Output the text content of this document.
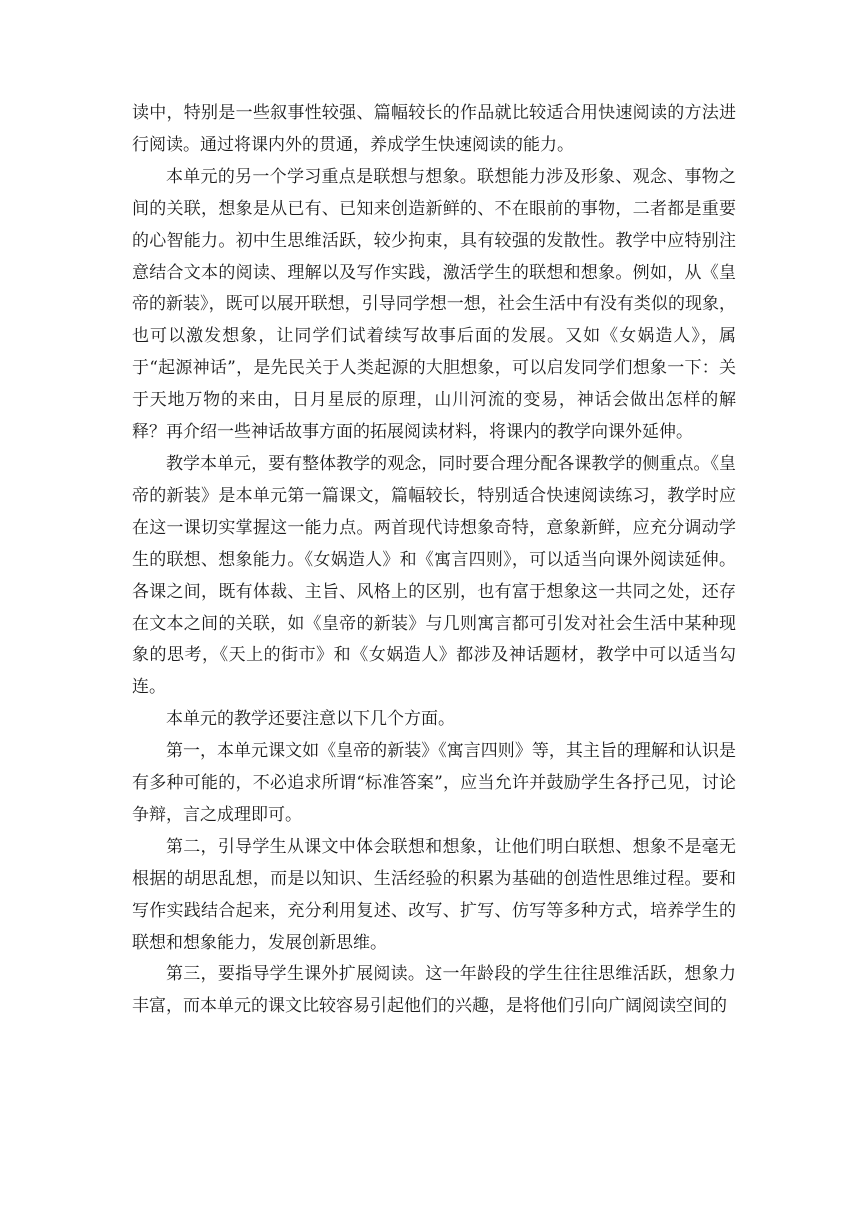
读中，特别是一些叙事性较强、篇幅较长的作品就比较适合用快速阅读的方法进行阅读。通过将课内外的贯通，养成学生快速阅读的能力。

本单元的另一个学习重点是联想与想象。联想能力涉及形象、观念、事物之间的关联，想象是从已有、已知来创造新鲜的、不在眼前的事物，二者都是重要的心智能力。初中生思维活跃，较少拘束，具有较强的发散性。教学中应特别注意结合文本的阅读、理解以及写作实践，激活学生的联想和想象。例如，从《皇帝的新装》，既可以展开联想，引导同学想一想，社会生活中有没有类似的现象，也可以激发想象，让同学们试着续写故事后面的发展。又如《女娲造人》，属于“起源神话”，是先民关于人类起源的大胆想象，可以启发同学们想象一下：关于天地万物的来由，日月星辰的原理，山川河流的变易，神话会做出怎样的解释？再介绍一些神话故事方面的拓展阅读材料，将课内的教学向课外延伸。

教学本单元，要有整体教学的观念，同时要合理分配各课教学的侧重点。《皇帝的新装》是本单元第一篇课文，篇幅较长，特别适合快速阅读练习，教学时应在这一课切实掌握这一能力点。两首现代诗想象奇特，意象新鲜，应充分调动学生的联想、想象能力。《女娲造人》和《寓言四则》，可以适当向课外阅读延伸。各课之间，既有体裁、主旨、风格上的区别，也有富于想象这一共同之处，还存在文本之间的关联，如《皇帝的新装》与几则寓言都可引发对社会生活中某种现象的思考，《天上的街市》和《女娲造人》都涉及神话题材，教学中可以适当勾连。

本单元的教学还要注意以下几个方面。

第一，本单元课文如《皇帝的新装》《寓言四则》等，其主旨的理解和认识是有多种可能的，不必追求所谓“标准答案”，应当允许并鼓励学生各抒己见，讨论争辩，言之成理即可。

第二，引导学生从课文中体会联想和想象，让他们明白联想、想象不是毫无根据的胡思乱想，而是以知识、生活经验的积累为基础的创造性思维过程。要和写作实践结合起来，充分利用复述、改写、扩写、仿写等多种方式，培养学生的联想和想象能力，发展创新思维。

第三，要指导学生课外扩展阅读。这一年龄段的学生往往思维活跃，想象力丰富，而本单元的课文比较容易引起他们的兴趣，是将他们引向广阔阅读空间的
